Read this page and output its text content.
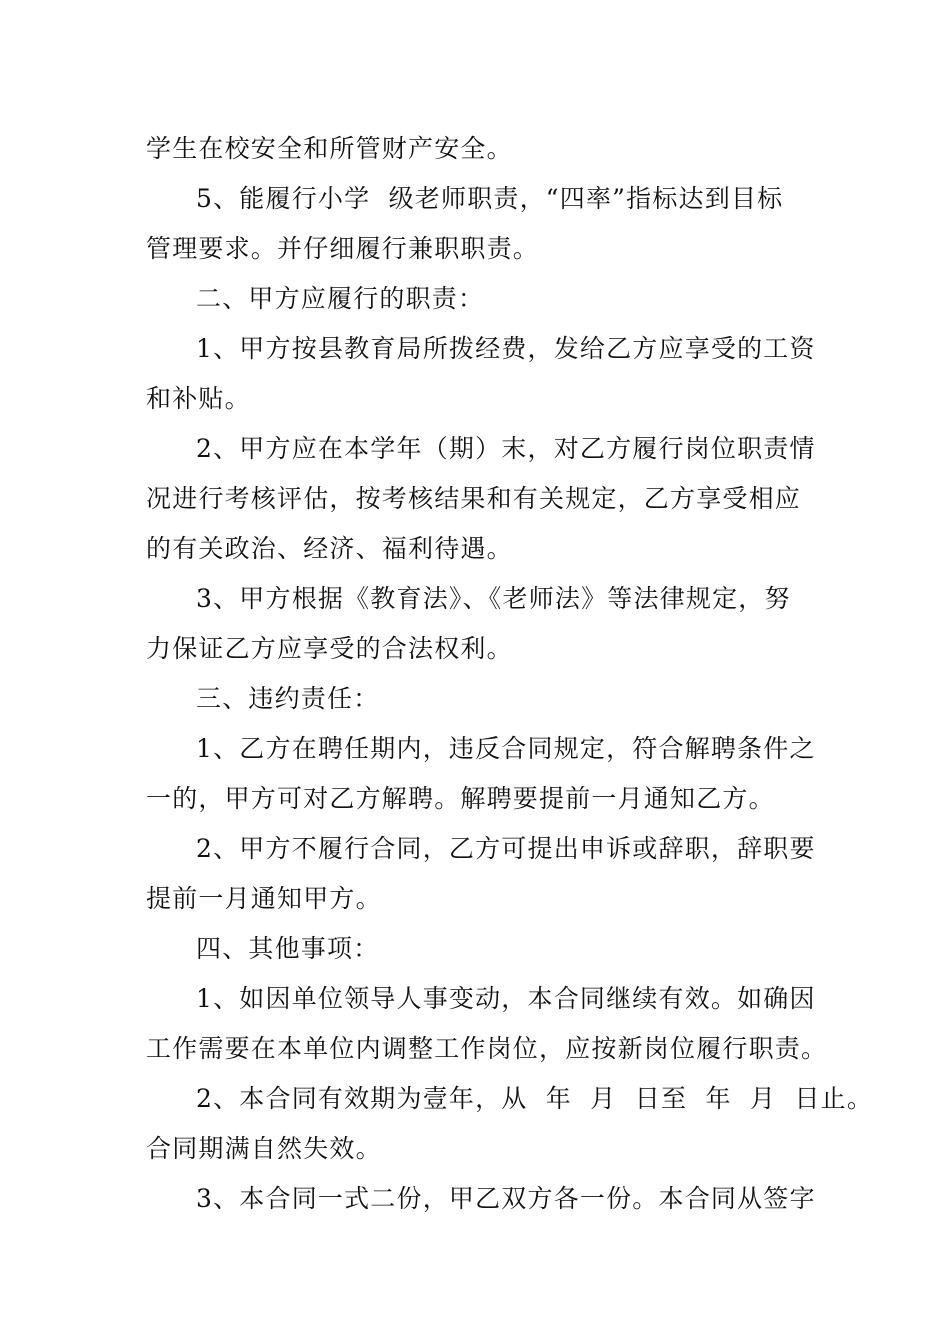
学生在校安全和所管财产安全。

5、能履行小学  级老师职责，“四率”指标达到目标

管理要求。并仔细履行兼职职责。

二、甲方应履行的职责：

1、甲方按县教育局所拨经费，发给乙方应享受的工资

和补贴。

2、甲方应在本学年（期）末，对乙方履行岗位职责情

况进行考核评估，按考核结果和有关规定，乙方享受相应

的有关政治、经济、福利待遇。

3、甲方根据《教育法》、《老师法》等法律规定，努

力保证乙方应享受的合法权利。

三、违约责任：

1、乙方在聘任期内，违反合同规定，符合解聘条件之

一的，甲方可对乙方解聘。解聘要提前一月通知乙方。

2、甲方不履行合同，乙方可提出申诉或辞职，辞职要

提前一月通知甲方。

四、其他事项：

1、如因单位领导人事变动，本合同继续有效。如确因

工作需要在本单位内调整工作岗位，应按新岗位履行职责。

2、本合同有效期为壹年，从  年  月  日至  年  月  日止。

合同期满自然失效。

3、本合同一式二份，甲乙双方各一份。本合同从签字
